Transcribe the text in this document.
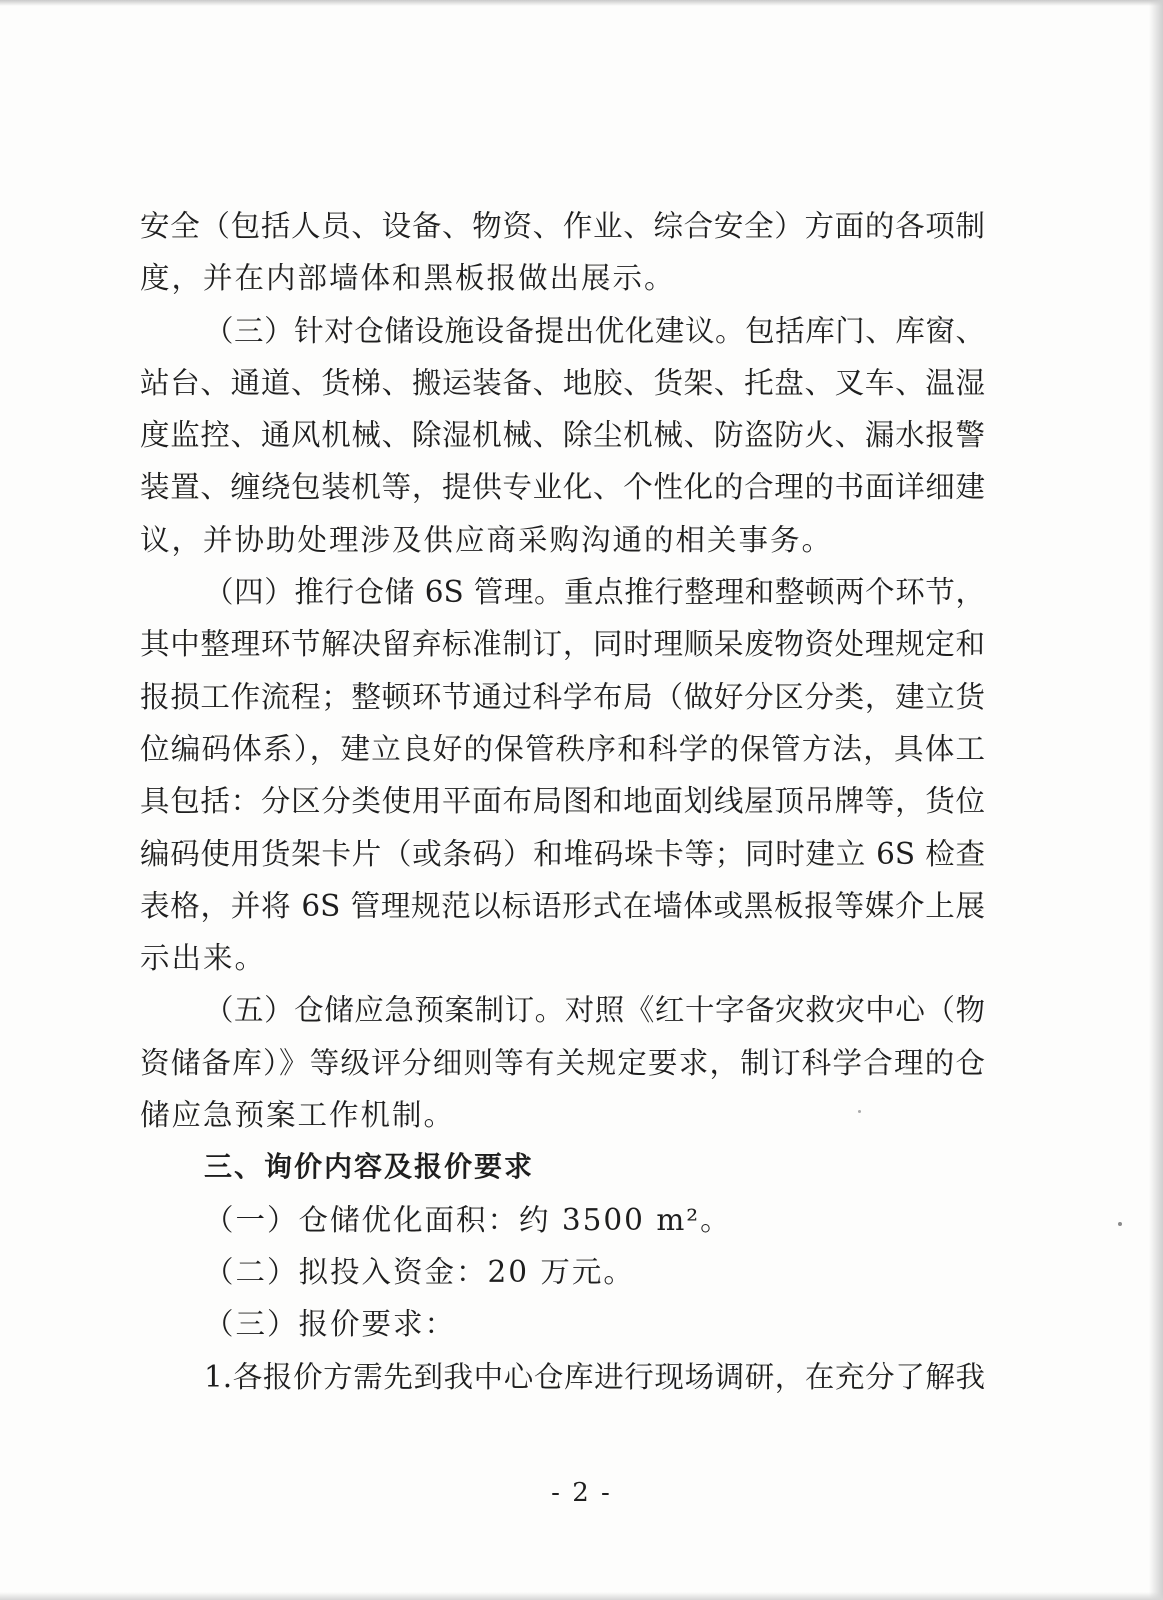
安全（包括人员、设备、物资、作业、综合安全）方面的各项制
度，并在内部墙体和黑板报做出展示。
（三）针对仓储设施设备提出优化建议。包括库门、库窗、
站台、通道、货梯、搬运装备、地胶、货架、托盘、叉车、温湿
度监控、通风机械、除湿机械、除尘机械、防盗防火、漏水报警
装置、缠绕包装机等，提供专业化、个性化的合理的书面详细建
议，并协助处理涉及供应商采购沟通的相关事务。
（四）推行仓储 6S 管理。重点推行整理和整顿两个环节，
其中整理环节解决留弃标准制订，同时理顺呆废物资处理规定和
报损工作流程；整顿环节通过科学布局（做好分区分类，建立货
位编码体系），建立良好的保管秩序和科学的保管方法，具体工
具包括：分区分类使用平面布局图和地面划线屋顶吊牌等，货位
编码使用货架卡片（或条码）和堆码垛卡等；同时建立 6S 检查
表格，并将 6S 管理规范以标语形式在墙体或黑板报等媒介上展
示出来。
（五）仓储应急预案制订。对照《红十字备灾救灾中心（物
资储备库）》等级评分细则等有关规定要求，制订科学合理的仓
储应急预案工作机制。
三、询价内容及报价要求
（一）仓储优化面积：约 3500 m²。
（二）拟投入资金：20 万元。
（三）报价要求：
1.各报价方需先到我中心仓库进行现场调研，在充分了解我
- 2 -
